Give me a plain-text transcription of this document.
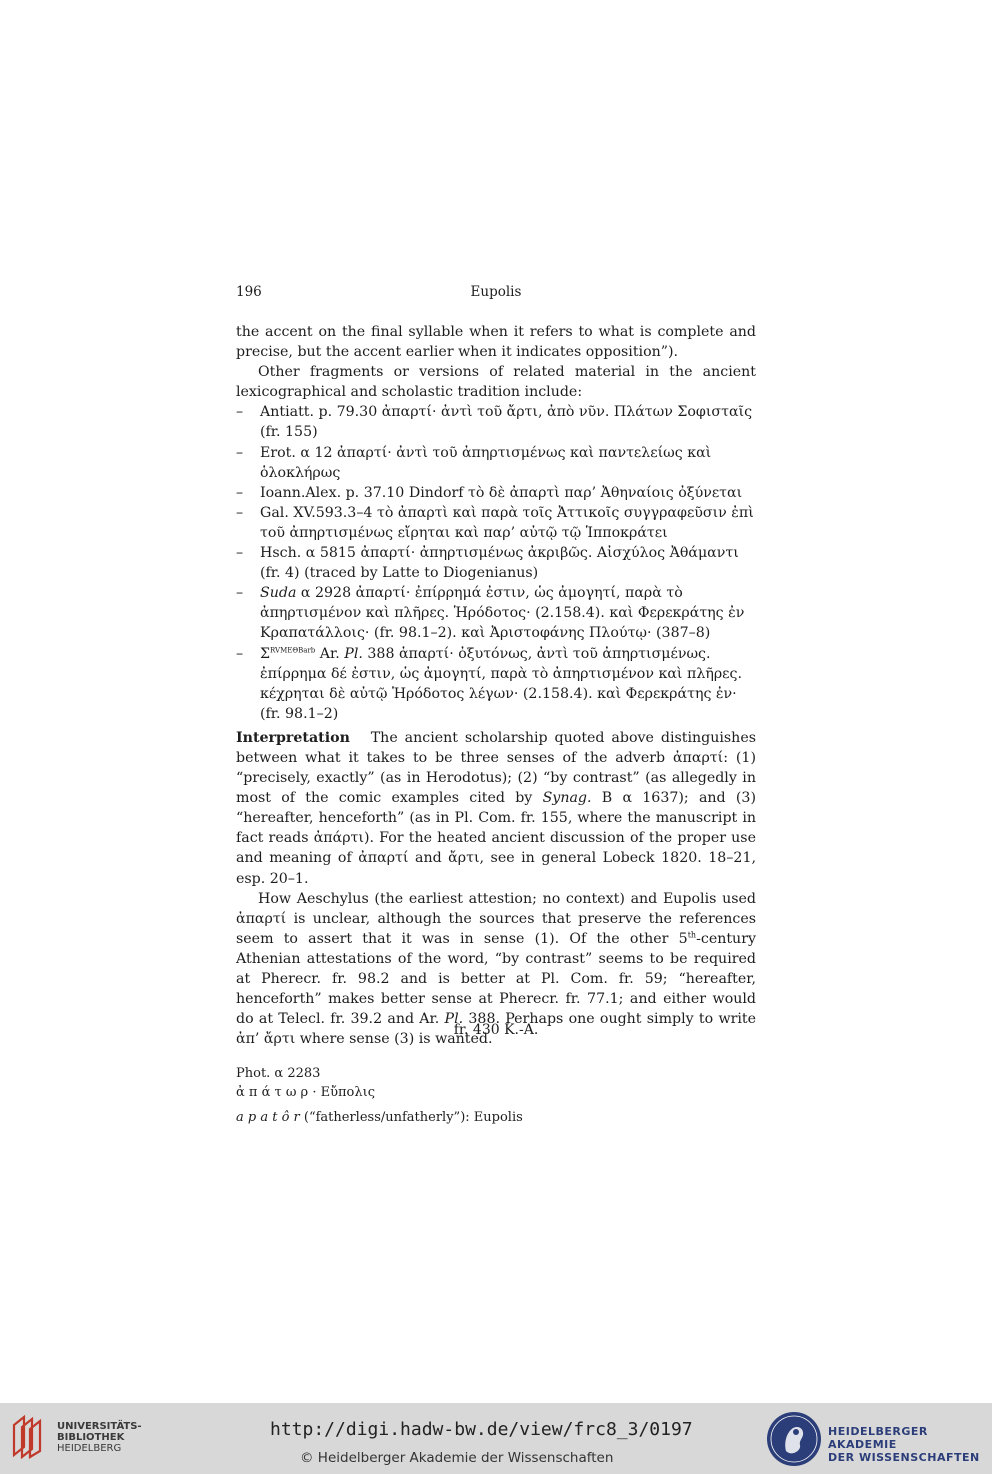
196	Eupolis

the accent on the final syllable when it refers to what is complete and precise, but the accent earlier when it indicates opposition”).

Other fragments or versions of related material in the ancient lexicographical and scholastic tradition include:

– Antiatt. p. 79.30 ἀπαρτί· ἀντὶ τοῦ ἄρτι, ἀπὸ νῦν. Πλάτων Σοφισταῖς (fr. 155)
– Erot. α 12 ἀπαρτί· ἀντὶ τοῦ ἀπηρτισμένως καὶ παντελείως καὶ ὁλοκλήρως
– Ioann.Alex. p. 37.10 Dindorf τὸ δὲ ἀπαρτὶ παρ’ Ἀθηναίοις ὀξύνεται
– Gal. XV.593.3–4 τὸ ἀπαρτὶ καὶ παρὰ τοῖς Ἀττικοῖς συγγραφεῦσιν ἐπὶ τοῦ ἀπηρτισμένως εἴρηται καὶ παρ’ αὐτῷ τῷ Ἱπποκράτει
– Hsch. α 5815 ἀπαρτί· ἀπηρτισμένως ἀκριβῶς. Αἰσχύλος Ἀθάμαντι (fr. 4) (traced by Latte to Diogenianus)
– Suda α 2928 ἀπαρτί· ἐπίρρημά ἐστιν, ὡς ἀμογητί, παρὰ τὸ ἀπηρτισμένον καὶ πλῆρες. Ἡρόδοτος· (2.158.4). καὶ Φερεκράτης ἐν Κραπατάλλοις· (fr. 98.1–2). καὶ Ἀριστοφάνης Πλούτῳ· (387–8)
– $\Sigma^{RVME\Theta Barb}$ Ar. Pl. 388 ἀπαρτί· ὀξυτόνως, ἀντὶ τοῦ ἀπηρτισμένως. ἐπίρρημα δέ ἐστιν, ὡς ἀμογητί, παρὰ τὸ ἀπηρτισμένον καὶ πλῆρες. κέχρηται δὲ αὐτῷ Ἡρόδοτος λέγων· (2.158.4). καὶ Φερεκράτης ἐν· (fr. 98.1–2)

Interpretation The ancient scholarship quoted above distinguishes between what it takes to be three senses of the adverb ἀπαρτί: (1) “precisely, exactly” (as in Herodotus); (2) “by contrast” (as allegedly in most of the comic examples cited by Synag. B α 1637); and (3) “hereafter, henceforth” (as in Pl. Com. fr. 155, where the manuscript in fact reads ἀπάρτι). For the heated ancient discussion of the proper use and meaning of ἀπαρτί and ἄρτι, see in general Lobeck 1820. 18–21, esp. 20–1.

How Aeschylus (the earliest attestion; no context) and Eupolis used ἀπαρτί is unclear, although the sources that preserve the references seem to assert that it was in sense (1). Of the other 5th-century Athenian attestations of the word, “by contrast” seems to be required at Pherecr. fr. 98.2 and is better at Pl. Com. fr. 59; “hereafter, henceforth” makes better sense at Pherecr. fr. 77.1; and either would do at Telecl. fr. 39.2 and Ar. Pl. 388. Perhaps one ought simply to write ἀπ’ ἄρτι where sense (3) is wanted.

fr. 430 K.-A.
Phot. α 2283
ἀ π ά τ ω ρ · Εὔπολις
a p a t ô r (“fatherless/unfatherly”): Eupolis
UNIVERSITÄTS-
BIBLIOTHEK
HEIDELBERG
http://digi.hadw-bw.de/view/frc8_3/0197
© Heidelberger Akademie der Wissenschaften
HEIDELBERGER AKADEMIE
DER WISSENSCHAFTEN
